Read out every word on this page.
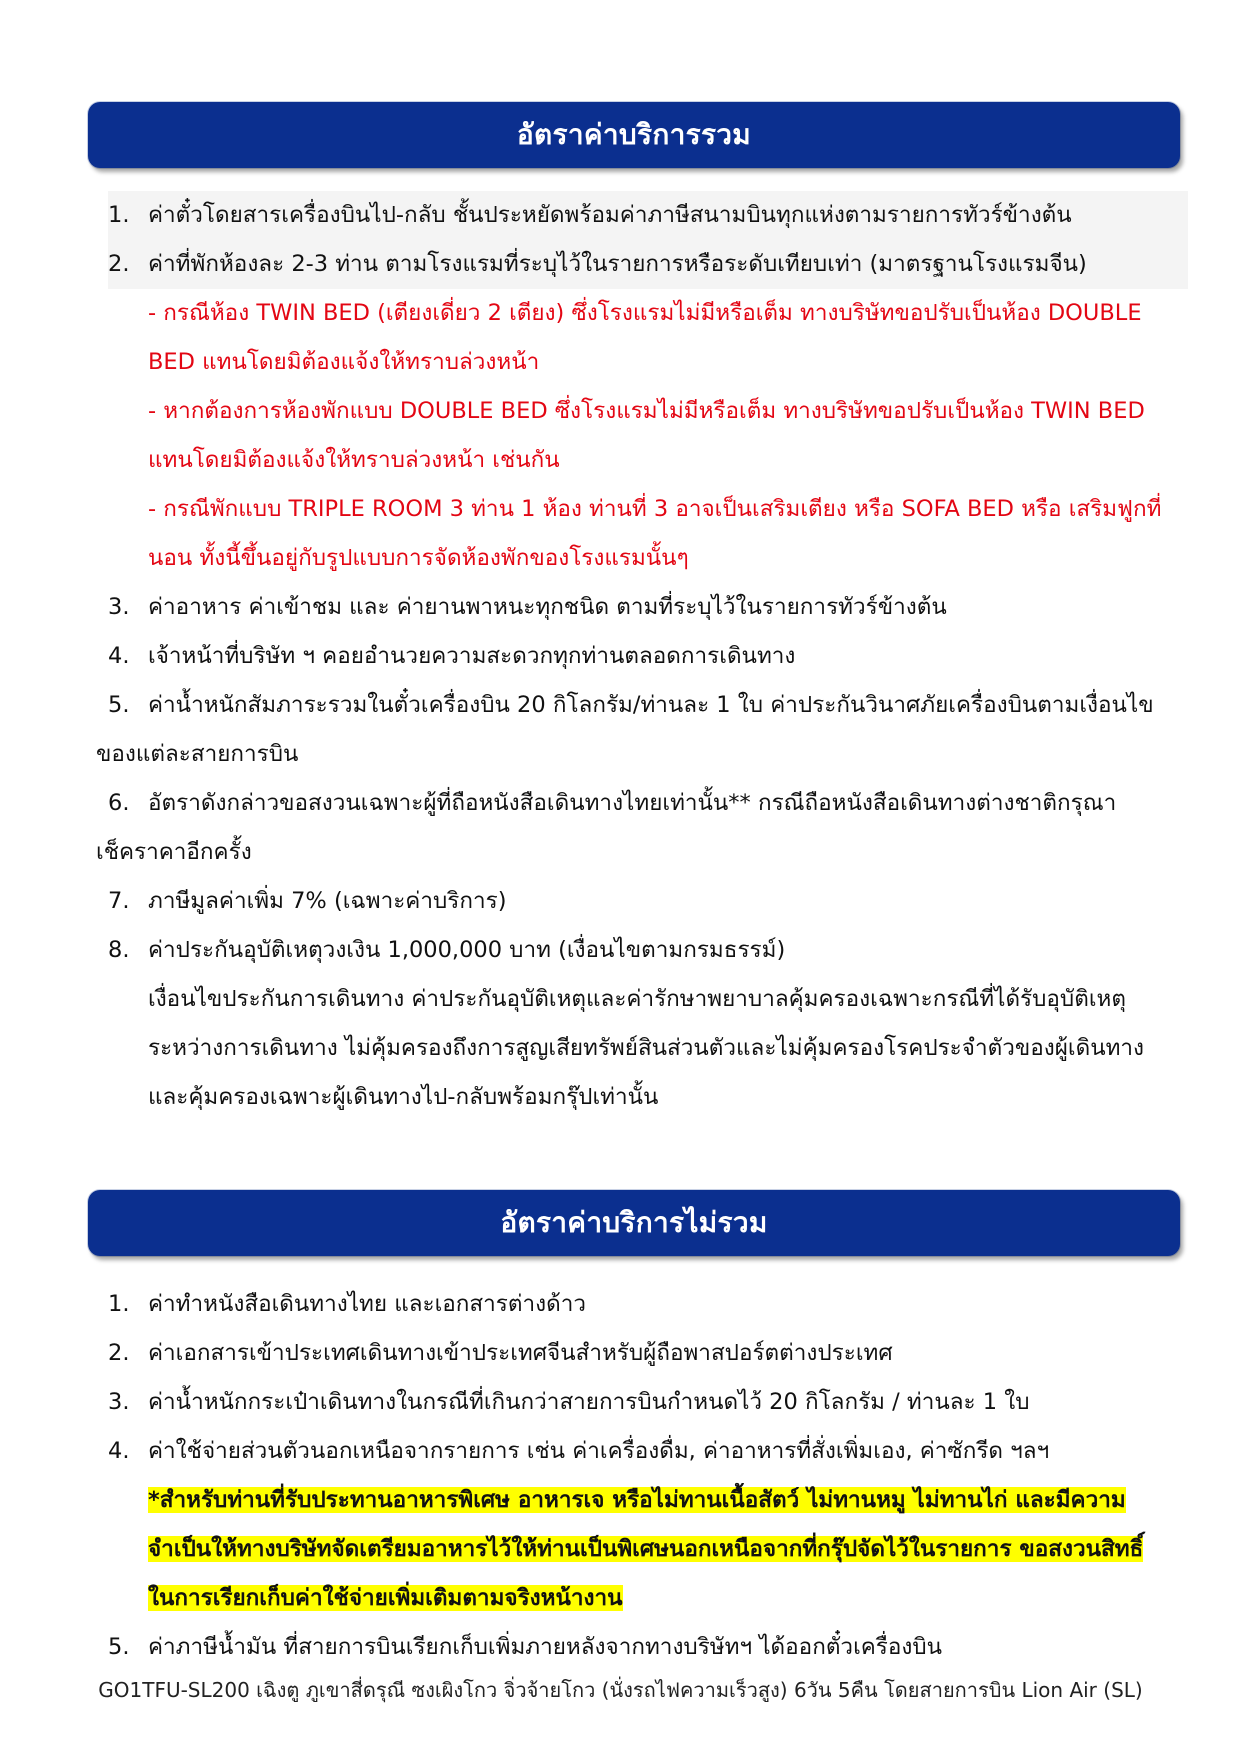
อัตราค่าบริการรวม
1. ค่าตั๋วโดยสารเครื่องบินไป-กลับ ชั้นประหยัดพร้อมค่าภาษีสนามบินทุกแห่งตามรายการทัวร์ข้างต้น
2. ค่าที่พักห้องละ 2-3 ท่าน ตามโรงแรมที่ระบุไว้ในรายการหรือระดับเทียบเท่า (มาตรฐานโรงแรมจีน)
- กรณีห้อง TWIN BED (เตียงเดี่ยว 2 เตียง) ซึ่งโรงแรมไม่มีหรือเต็ม ทางบริษัทขอปรับเป็นห้อง DOUBLE
BED แทนโดยมิต้องแจ้งให้ทราบล่วงหน้า
- หากต้องการห้องพักแบบ DOUBLE BED ซึ่งโรงแรมไม่มีหรือเต็ม ทางบริษัทขอปรับเป็นห้อง TWIN BED
แทนโดยมิต้องแจ้งให้ทราบล่วงหน้า เช่นกัน
- กรณีพักแบบ TRIPLE ROOM 3 ท่าน 1 ห้อง ท่านที่ 3 อาจเป็นเสริมเตียง หรือ SOFA BED หรือ เสริมฟูกที่
นอน ทั้งนี้ขึ้นอยู่กับรูปแบบการจัดห้องพักของโรงแรมนั้นๆ
3. ค่าอาหาร ค่าเข้าชม และ ค่ายานพาหนะทุกชนิด ตามที่ระบุไว้ในรายการทัวร์ข้างต้น
4. เจ้าหน้าที่บริษัท ฯ คอยอำนวยความสะดวกทุกท่านตลอดการเดินทาง
5. ค่าน้ำหนักสัมภาระรวมในตั๋วเครื่องบิน 20 กิโลกรัม/ท่านละ 1 ใบ ค่าประกันวินาศภัยเครื่องบินตามเงื่อนไข
ของแต่ละสายการบิน
6. อัตราดังกล่าวขอสงวนเฉพาะผู้ที่ถือหนังสือเดินทางไทยเท่านั้น** กรณีถือหนังสือเดินทางต่างชาติกรุณา
เช็คราคาอีกครั้ง
7. ภาษีมูลค่าเพิ่ม 7% (เฉพาะค่าบริการ)
8. ค่าประกันอุบัติเหตุวงเงิน 1,000,000 บาท (เงื่อนไขตามกรมธรรม์)
เงื่อนไขประกันการเดินทาง ค่าประกันอุบัติเหตุและค่ารักษาพยาบาลคุ้มครองเฉพาะกรณีที่ได้รับอุบัติเหตุ
ระหว่างการเดินทาง ไม่คุ้มครองถึงการสูญเสียทรัพย์สินส่วนตัวและไม่คุ้มครองโรคประจำตัวของผู้เดินทาง
และคุ้มครองเฉพาะผู้เดินทางไป-กลับพร้อมกรุ๊ปเท่านั้น
อัตราค่าบริการไม่รวม
1. ค่าทำหนังสือเดินทางไทย และเอกสารต่างด้าว
2. ค่าเอกสารเข้าประเทศเดินทางเข้าประเทศจีนสำหรับผู้ถือพาสปอร์ตต่างประเทศ
3. ค่าน้ำหนักกระเป๋าเดินทางในกรณีที่เกินกว่าสายการบินกำหนดไว้ 20 กิโลกรัม / ท่านละ 1 ใบ
4. ค่าใช้จ่ายส่วนตัวนอกเหนือจากรายการ เช่น ค่าเครื่องดื่ม, ค่าอาหารที่สั่งเพิ่มเอง, ค่าซักรีด ฯลฯ
*สำหรับท่านที่รับประทานอาหารพิเศษ อาหารเจ หรือไม่ทานเนื้อสัตว์ ไม่ทานหมู ไม่ทานไก่ และมีความ
จำเป็นให้ทางบริษัทจัดเตรียมอาหารไว้ให้ท่านเป็นพิเศษนอกเหนือจากที่กรุ๊ปจัดไว้ในรายการ ขอสงวนสิทธิ์
ในการเรียกเก็บค่าใช้จ่ายเพิ่มเติมตามจริงหน้างาน
5. ค่าภาษีน้ำมัน ที่สายการบินเรียกเก็บเพิ่มภายหลังจากทางบริษัทฯ ได้ออกตั๋วเครื่องบิน
GO1TFU-SL200 เฉิงตู ภูเขาสี่ดรุณี ซงเผิงโกว จิ่วจ้ายโกว (นั่งรถไฟความเร็วสูง) 6วัน 5คืน โดยสายการบิน Lion Air (SL)
